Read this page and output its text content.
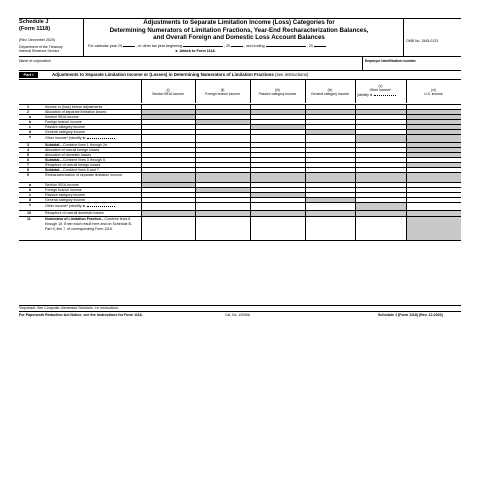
Schedule J
(Form 1118)
(Rev. December 2020)
Department of the Treasury
Internal Revenue Service
Adjustments to Separate Limitation Income (Loss) Categories for
Determining Numerators of Limitation Fractions, Year-End Recharacterization Balances,
and Overall Foreign and Domestic Loss Account Balances
For calendar year 20	, or other tax year beginning	, 20	, and ending	, 20
► Attach to Form 1118.
OMB No. 1545-0123
Name of corporation	Employer identification number
Part I	Adjustments to Separate Limitation Income or (Losses) in Determining Numerators of Limitation Fractions (see instructions)
(i)
Section 951A income
(ii)
Foreign branch income
(iii)
Passive category income
(iv)
General category income
(v)
Other income*
(identify ►
(vi)
U.S. income
1	Income or (loss) before adjustments
2	Allocation of separate limitation losses:
a	Section 951A income
b	Foreign branch income
c	Passive category income
d	General category income
e	Other income* (identify ►
3	Subtotal—Combine lines 1 through 2e.
4	Allocation of overall foreign losses
5	Allocation of domestic losses
6	Subtotal—Combine lines 3 through 5.
7	Recapture of overall foreign losses
8	Subtotal—Combine lines 6 and 7.
9	Recharacterization of separate limitation income:
a	Section 951A income
b	Foreign branch income
c	Passive category income
d	General category income
e	Other income* (identify ►
10	Recapture of overall domestic losses
11	Numerator of Limitation Fraction—Combine lines 8 through 10. Enter each result here and on Schedule B, Part II, line 7, of corresponding Form 1118.
*Important: See Computer-Generated Schedule J in instructions.
For Paperwork Reduction Act Notice, see the Instructions for Form 1118.	Cat. No. 10096U	Schedule J (Form 1118) (Rev. 12-2020)
